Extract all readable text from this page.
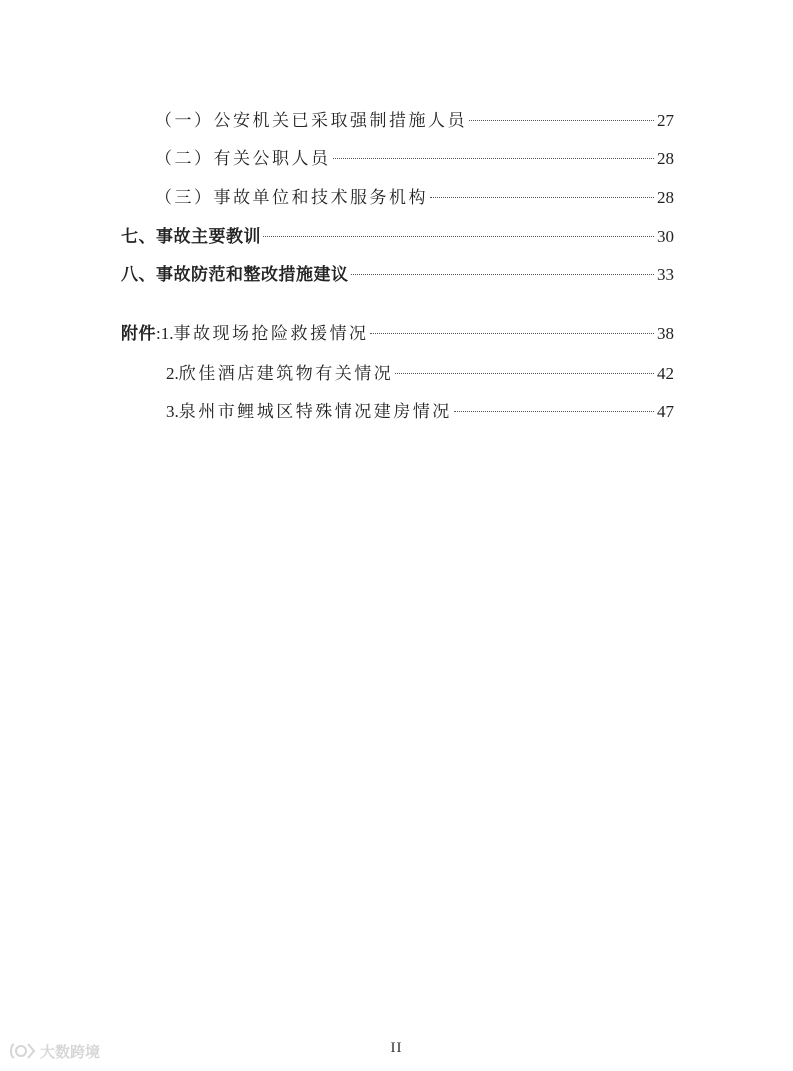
（一）公安机关已采取强制措施人员	27
（二）有关公职人员	28
（三）事故单位和技术服务机构	28
七、事故主要教训	30
八、事故防范和整改措施建议	33
附件 :1. 事故现场抢险救援情况	38
2. 欣佳酒店建筑物有关情况	42
3. 泉州市鲤城区特殊情况建房情况	47
II
大数跨境
